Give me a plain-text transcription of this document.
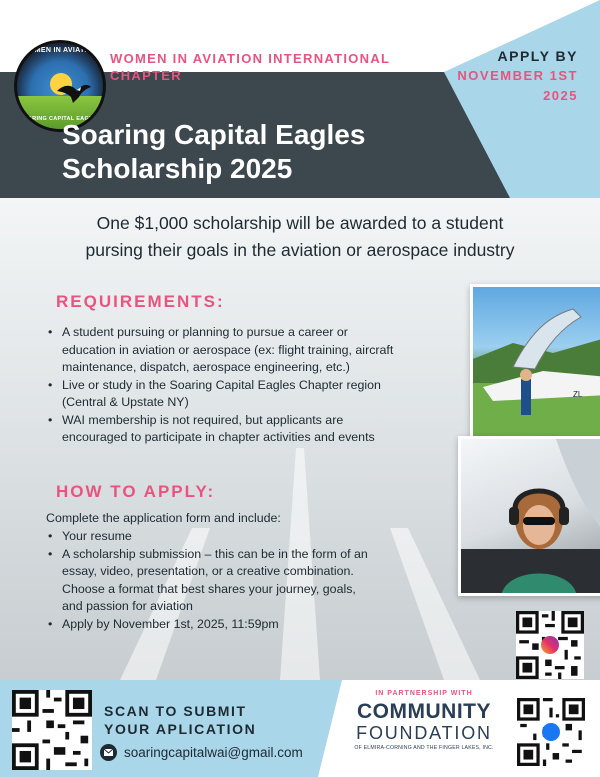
WOMEN IN AVIATION
SOARING CAPITAL EAGLES
WOMEN IN AVIATION INTERNATIONAL
CHAPTER
APPLY BY
NOVEMBER 1ST
2025
Soaring Capital Eagles
Scholarship 2025
One $1,000 scholarship will be awarded to a student
pursing their goals in the aviation or aerospace industry
REQUIREMENTS:
• A student pursuing or planning to pursue a career or
education in aviation or aerospace (ex: flight training, aircraft
maintenance, dispatch, aerospace engineering, etc.)
• Live or study in the Soaring Capital Eagles Chapter region
(Central & Upstate NY)
• WAI membership is not required, but applicants are
encouraged to participate in chapter activities and events
HOW TO APPLY:
Complete the application form and include:
• Your resume
• A scholarship submission – this can be in the form of an
essay, video, presentation, or a creative combination.
Choose a format that best shares your journey, goals,
and passion for aviation
• Apply by November 1st, 2025, 11:59pm
ZL
SCAN TO SUBMIT
YOUR APLICATION
soaringcapitalwai@gmail.com
IN PARTNERSHIP WITH
COMMUNITY
FOUNDATION
OF ELMIRA-CORNING AND THE FINGER LAKES, INC.
